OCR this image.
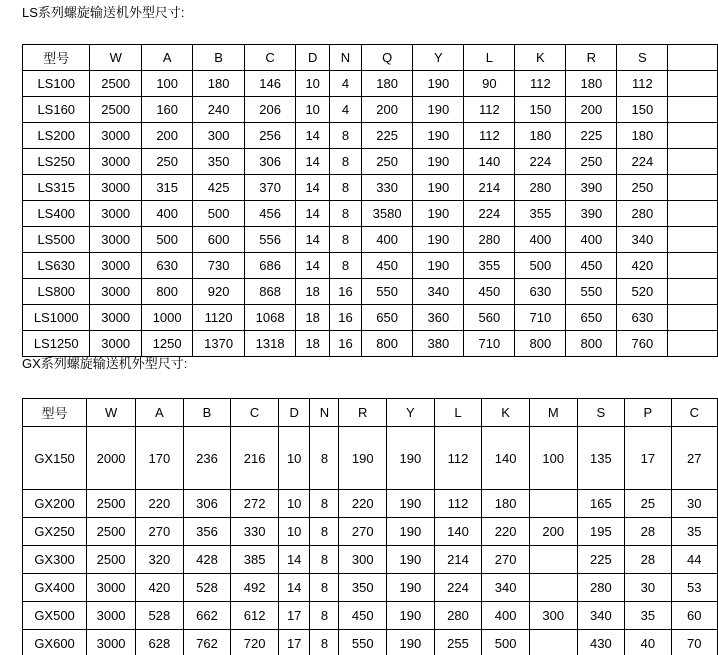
LS系列螺旋输送机外型尺寸:
型号	W	A	B	C	D	N	Q	Y	L	K	R	S	
LS100	2500	100	180	146	10	4	180	190	90	112	180	112	
LS160	2500	160	240	206	10	4	200	190	112	150	200	150	
LS200	3000	200	300	256	14	8	225	190	112	180	225	180	
LS250	3000	250	350	306	14	8	250	190	140	224	250	224	
LS315	3000	315	425	370	14	8	330	190	214	280	390	250	
LS400	3000	400	500	456	14	8	3580	190	224	355	390	280	
LS500	3000	500	600	556	14	8	400	190	280	400	400	340	
LS630	3000	630	730	686	14	8	450	190	355	500	450	420	
LS800	3000	800	920	868	18	16	550	340	450	630	550	520	
LS1000	3000	1000	1120	1068	18	16	650	360	560	710	650	630	
LS1250	3000	1250	1370	1318	18	16	800	380	710	800	800	760	
GX系列螺旋输送机外型尺寸:
型号	W	A	B	C	D	N	R	Y	L	K	M	S	P	C
GX150	2000	170	236	216	10	8	190	190	112	140	100	135	17	27
GX200	2500	220	306	272	10	8	220	190	112	180		165	25	30
GX250	2500	270	356	330	10	8	270	190	140	220	200	195	28	35
GX300	2500	320	428	385	14	8	300	190	214	270		225	28	44
GX400	3000	420	528	492	14	8	350	190	224	340		280	30	53
GX500	3000	528	662	612	17	8	450	190	280	400	300	340	35	60
GX600	3000	628	762	720	17	8	550	190	255	500		430	40	70
